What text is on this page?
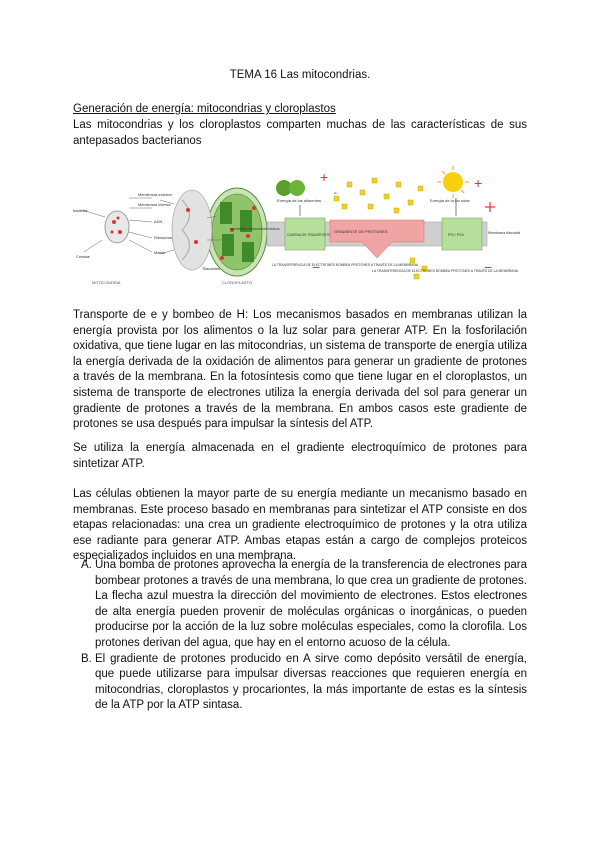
TEMA 16 Las mitocondrias.
Generación de energía: mitocondrias y cloroplastos

Las mitocondrias y los cloroplastos comparten muchas de las características de sus antepasados bacterianos

bacteria
Membrana externa
Membrana interna
ADN
Ribosoma
Matriz
Crestas
Tilacoides
MITOCONDRIA	CLOROPLASTO
+	+
−	−
H+
Energía de los alimentos	Energía de la luz solar
membrana mitocondrial interna
Membrana tilacoidal
CADENA DE TRANSPORTE
GRADIENTE DE PROTONES
PSI / PSII
LA TRANSFERENCIA DE ELECTRONES BOMBEA PROTONES A TRAVÉS DE LA MEMBRANA
LA TRANSFERENCIA DE ELECTRONES BOMBEA PROTONES A TRAVÉS DE LA MEMBRANA

Transporte de e y bombeo de H: Los mecanismos basados en membranas utilizan la energía provista por los alimentos o la luz solar para generar ATP. En la fosforilación oxidativa, que tiene lugar en las mitocondrias, un sistema de transporte de energía utiliza la energía derivada de la oxidación de alimentos para generar un gradiente de protones a través de la membrana. En la fotosíntesis como que tiene lugar en el cloroplastos, un sistema de transporte de electrones utiliza la energía derivada del sol para generar un gradiente de protones a través de la membrana. En ambos casos este gradiente de protones se usa después para impulsar la síntesis del ATP.

Se utiliza la energía almacenada en el gradiente electroquímico de protones para sintetizar ATP.

Las células obtienen la mayor parte de su energía mediante un mecanismo basado en membranas. Este proceso basado en membranas para sintetizar el ATP consiste en dos etapas relacionadas: una crea un gradiente electroquímico de protones y la otra utiliza ese radiante para generar ATP. Ambas etapas están a cargo de complejos proteicos especializados incluidos en una membrana.

A. Una bomba de protones aprovecha la energía de la transferencia de electrones para bombear protones a través de una membrana, lo que crea un gradiente de protones. La flecha azul muestra la dirección del movimiento de electrones. Estos electrones de alta energía pueden provenir de moléculas orgánicas o inorgánicas, o pueden producirse por la acción de la luz sobre moléculas especiales, como la clorofila. Los protones derivan del agua, que hay en el entorno acuoso de la célula.
B. El gradiente de protones producido en A sirve como depósito versátil de energía, que puede utilizarse para impulsar diversas reacciones que requieren energía en mitocondrias, cloroplastos y procariontes, la más importante de estas es la síntesis de la ATP por la ATP sintasa.
